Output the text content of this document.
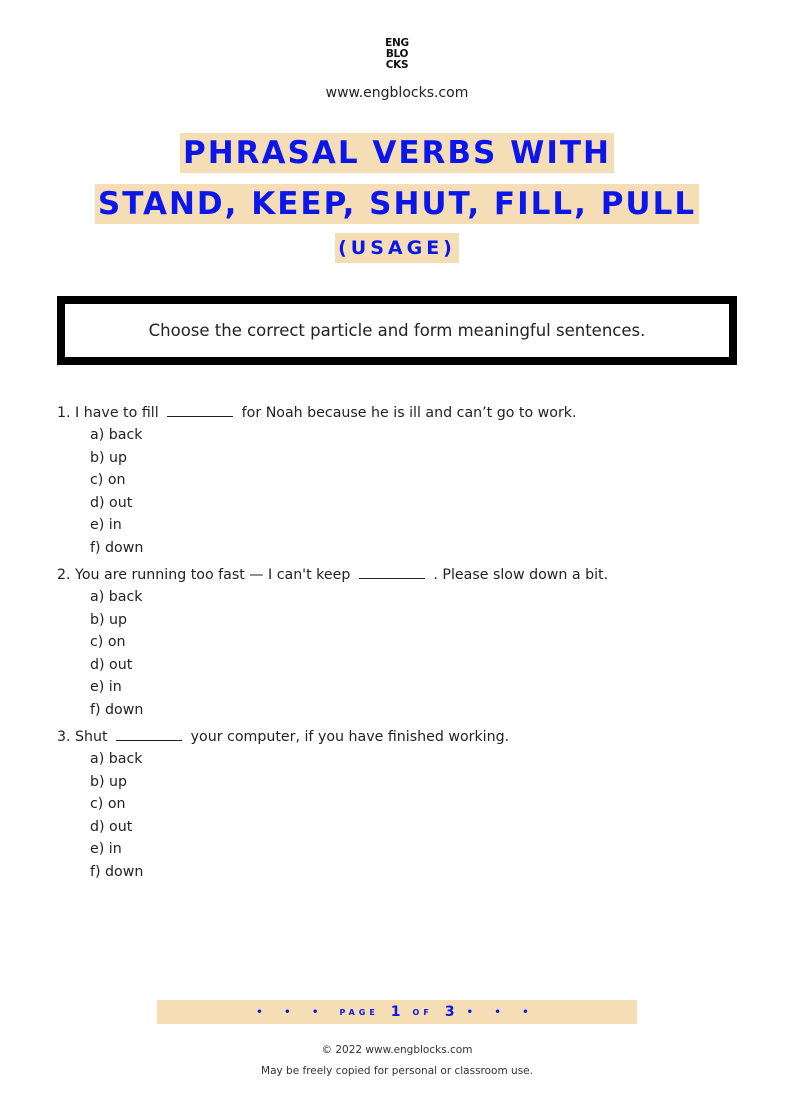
ENG
BLO
CKS
www.engblocks.com
PHRASAL VERBS WITH
STAND, KEEP, SHUT, FILL, PULL
(USAGE)
Choose the correct particle and form meaningful sentences.
1. I have to fill	for Noah because he is ill and can’t go to work.
a) back
b) up
c) on
d) out
e) in
f) down
2. You are running too fast — I can't keep	. Please slow down a bit.
a) back
b) up
c) on
d) out
e) in
f) down
3. Shut	your computer, if you have finished working.
a) back
b) up
c) on
d) out
e) in
f) down
• • • PAGE 1 OF 3 • • •
© 2022 www.engblocks.com
May be freely copied for personal or classroom use.
